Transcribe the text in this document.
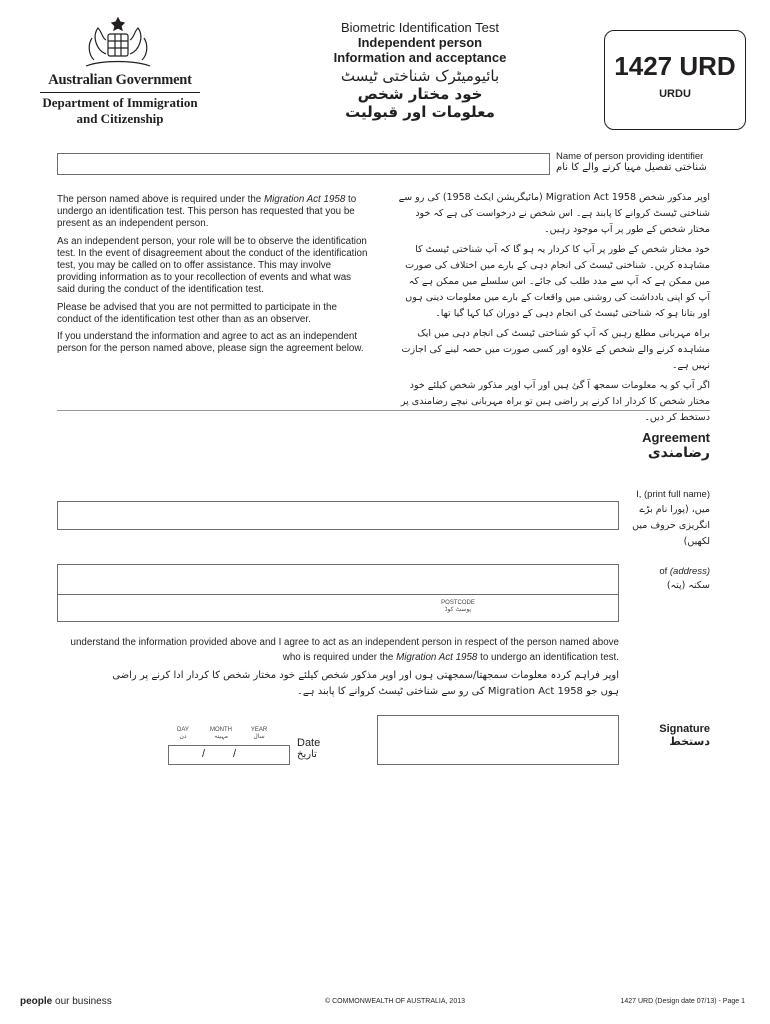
Australian Government
Department of Immigration
and Citizenship
Biometric Identification Test
Independent person
Information and acceptance
بائیومیٹرک شناختی ٹیسٹ
خود مختار شخص
معلومات اور قبولیت
1427 URD
URDU
Name of person providing identifier
شناختی تفصیل مہیا کرنے والے کا نام

The person named above is required under the Migration Act 1958 to undergo an identification test. This person has requested that you be present as an independent person.

As an independent person, your role will be to observe the identification test. In the event of disagreement about the conduct of the identification test, you may be called on to offer assistance. This may involve providing information as to your recollection of events and what was said during the conduct of the identification test.

Please be advised that you are not permitted to participate in the conduct of the identification test other than as an observer.

If you understand the information and agree to act as an independent person for the person named above, please sign the agreement below.

اوپر مذکور شخص Migration Act 1958 (مائیگریشن ایکٹ 1958) کی رو سے شناختی ٹیسٹ کروانے کا پابند ہے۔ اس شخص نے درخواست کی ہے کہ خود مختار شخص کے طور پر آپ موجود رہیں۔

خود مختار شخص کے طور پر آپ کا کردار یہ ہو گا کہ آپ شناختی ٹیسٹ کا مشاہدہ کریں۔ شناختی ٹیسٹ کی انجام دہی کے بارے میں اختلاف کی صورت میں ممکن ہے کہ آپ سے مدد طلب کی جائے۔ اس سلسلے میں ممکن ہے کہ آپ کو اپنی یادداشت کی روشنی میں واقعات کے بارے میں معلومات دینی ہوں اور بتانا ہو کہ شناختی ٹیسٹ کی انجام دہی کے دوران کیا کہا گیا تھا۔

براہ مہربانی مطلع رہیں کہ آپ کو شناختی ٹیسٹ کی انجام دہی میں ایک مشاہدہ کرنے والے شخص کے علاوہ اور کسی صورت میں حصہ لینے کی اجازت نہیں ہے۔

اگر آپ کو یہ معلومات سمجھ آ گئ ہیں اور آپ اوپر مذکور شخص کیلئے خود مختار شخص کا کردار ادا کرنے پر راضی ہیں تو براہ مہربانی نیچے رضامندی پر دستخط کر دیں۔

Agreement
رضامندی
I, (print full name)
میں، (پورا نام بڑے
انگریزی حروف میں
لکھیں)
POSTCODE
پوسٹ کوڈ
of (address)
سکنہ (پتہ)
understand the information provided above and I agree to act as an independent person in respect of the person named above
who is required under the Migration Act 1958 to undergo an identification test.
اوپر فراہم کردہ معلومات سمجھتا/سمجھتی ہوں اور اوپر مذکور شخص کیلئے خود مختار شخص کا کردار ادا کرنے پر راضی ہوں جو Migration Act 1958 کی رو سے شناختی ٹیسٹ کروانے کا پابند ہے۔
DAY
دن
MONTH
مہینہ
YEAR
سال
/	/
Date
تاریخ
Signature
دستخط
people our business	© COMMONWEALTH OF AUSTRALIA, 2013	1427 URD (Design date 07/13) - Page 1
